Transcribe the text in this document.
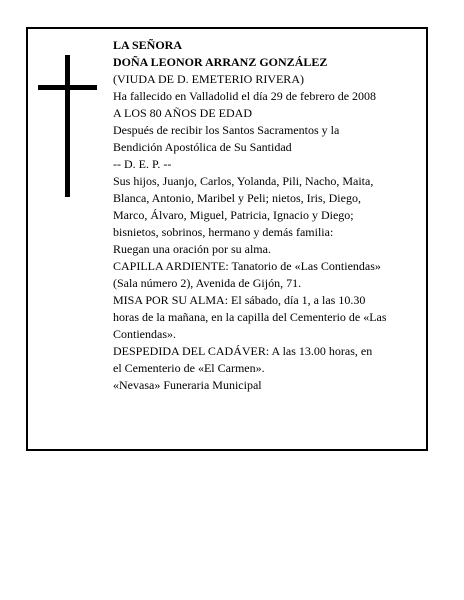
LA SEÑORA
DOÑA LEONOR ARRANZ GONZÁLEZ
(VIUDA DE D. EMETERIO RIVERA)
Ha fallecido en Valladolid el día 29 de febrero de 2008
A LOS 80 AÑOS DE EDAD
Después de recibir los Santos Sacramentos y la
Bendición Apostólica de Su Santidad
-- D. E. P. --
Sus hijos, Juanjo, Carlos, Yolanda, Pili, Nacho, Maita,
Blanca, Antonio, Maribel y Peli; nietos, Iris, Diego,
Marco, Álvaro, Miguel, Patricia, Ignacio y Diego;
bisnietos, sobrinos, hermano y demás familia:
Ruegan una oración por su alma.
CAPILLA ARDIENTE: Tanatorio de «Las Contiendas»
(Sala número 2), Avenida de Gijón, 71.
MISA POR SU ALMA: El sábado, día 1, a las 10.30
horas de la mañana, en la capilla del Cementerio de «Las
Contiendas».
DESPEDIDA DEL CADÁVER: A las 13.00 horas, en
el Cementerio de «El Carmen».
«Nevasa» Funeraria Municipal
